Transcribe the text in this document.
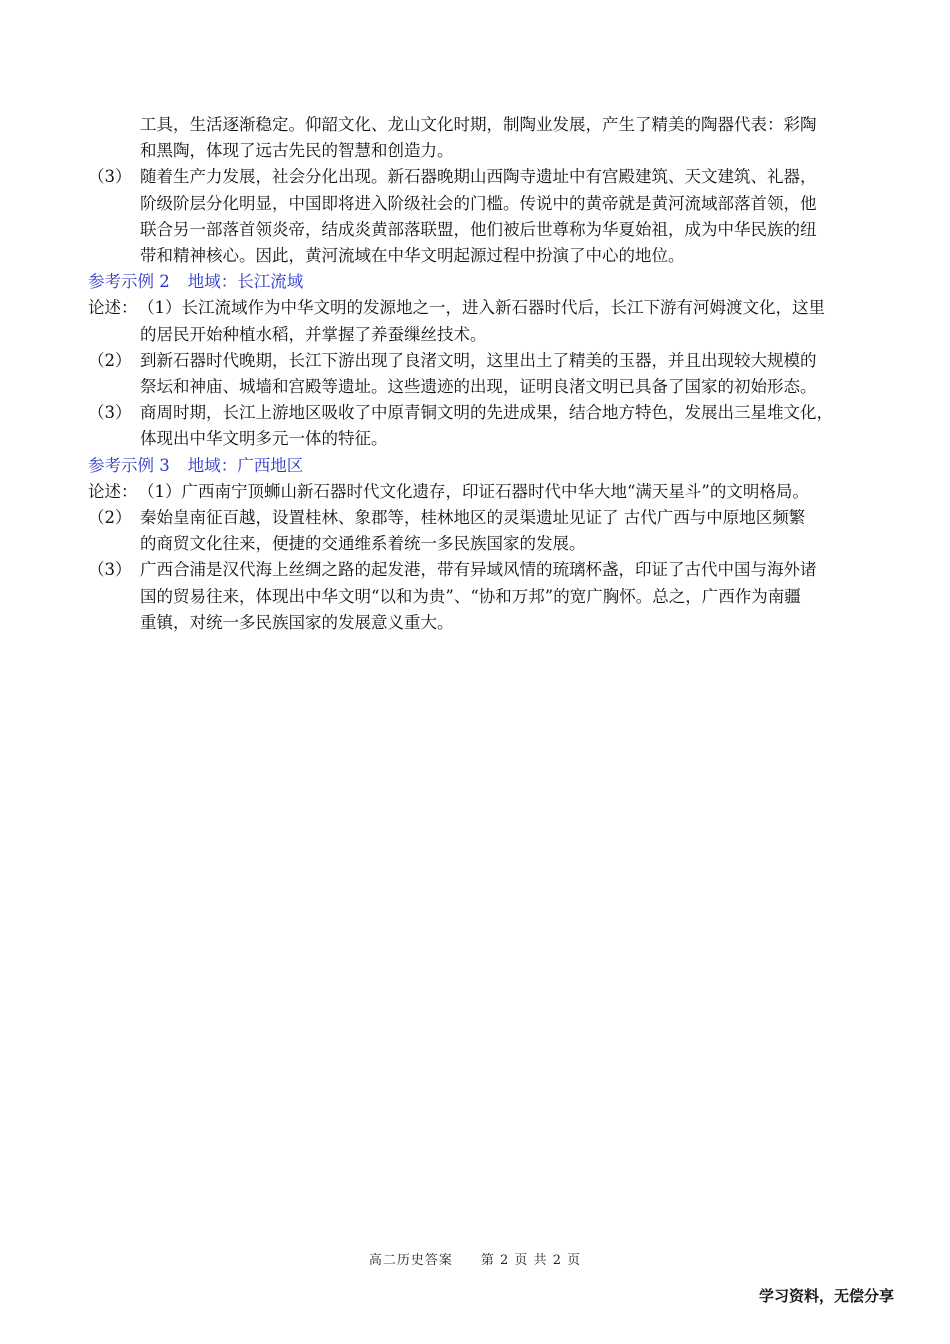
工具，生活逐渐稳定。仰韶文化、龙山文化时期，制陶业发展，产生了精美的陶器代表：彩陶
和黑陶，体现了远古先民的智慧和创造力。
（3） 随着生产力发展，社会分化出现。新石器晚期山西陶寺遗址中有宫殿建筑、天文建筑、礼器，
阶级阶层分化明显，中国即将进入阶级社会的门槛。传说中的黄帝就是黄河流域部落首领，他
联合另一部落首领炎帝，结成炎黄部落联盟，他们被后世尊称为华夏始祖，成为中华民族的纽
带和精神核心。因此，黄河流域在中华文明起源过程中扮演了中心的地位。
参考示例 2 地域：长江流域
论述： （1）长江流域作为中华文明的发源地之一，进入新石器时代后，长江下游有河姆渡文化，这里
的居民开始种植水稻，并掌握了养蚕缫丝技术。
（2） 到新石器时代晚期，长江下游出现了良渚文明，这里出土了精美的玉器，并且出现较大规模的
祭坛和神庙、城墙和宫殿等遗址。这些遗迹的出现，证明良渚文明已具备了国家的初始形态。
（3） 商周时期，长江上游地区吸收了中原青铜文明的先进成果，结合地方特色，发展出三星堆文化，
体现出中华文明多元一体的特征。
参考示例 3 地域：广西地区
论述： （1）广西南宁顶蛳山新石器时代文化遗存，印证石器时代中华大地“满天星斗”的文明格局。
（2） 秦始皇南征百越，设置桂林、象郡等，桂林地区的灵渠遗址见证了 古代广西与中原地区频繁
的商贸文化往来，便捷的交通维系着统一多民族国家的发展。
（3） 广西合浦是汉代海上丝绸之路的起发港，带有异域风情的琉璃杯盏，印证了古代中国与海外诸
国的贸易往来，体现出中华文明“以和为贵”、“协和万邦”的宽广胸怀。总之，广西作为南疆
重镇，对统一多民族国家的发展意义重大。
高二历史答案 第 2 页 共 2 页
学习资料，无偿分享
